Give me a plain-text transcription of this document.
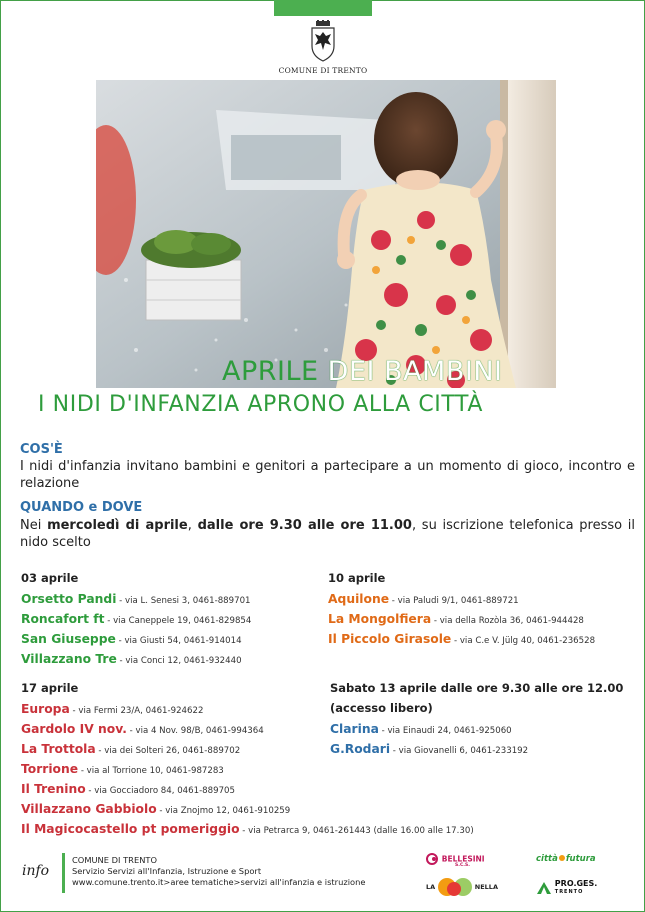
COMUNE DI TRENTO
APRILE DEI BAMBINI
I NIDI D'INFANZIA APRONO ALLA CITTÀ
COS'È
I nidi d'infanzia invitano bambini e genitori a partecipare a un momento di gioco, incontro e relazione
QUANDO e DOVE
Nei mercoledì di aprile, dalle ore 9.30 alle ore 11.00, su iscrizione telefonica presso il nido scelto
03 aprile
Orsetto Pandi - via L. Senesi 3, 0461-889701
Roncafort ft - via Caneppele 19, 0461-829854
San Giuseppe - via Giusti 54, 0461-914014
Villazzano Tre - via Conci 12, 0461-932440
10 aprile
Aquilone - via Paludi 9/1, 0461-889721
La Mongolfiera - via della Rozòla 36, 0461-944428
Il Piccolo Girasole - via C.e V. Jülg 40, 0461-236528
17 aprile
Europa - via Fermi 23/A, 0461-924622
Gardolo IV nov. - via 4 Nov. 98/B, 0461-994364
La Trottola - via dei Solteri 26, 0461-889702
Torrione - via al Torrione 10, 0461-987283
Il Trenino - via Gocciadoro 84, 0461-889705
Villazzano Gabbiolo - via Znojmo 12, 0461-910259
Il Magicocastello pt pomeriggio - via Petrarca 9, 0461-261443 (dalle 16.00 alle 17.30)
Sabato 13 aprile dalle ore 9.30 alle ore 12.00
(accesso libero)
Clarina - via Einaudi 24, 0461-925060
G.Rodari - via Giovanelli 6, 0461-233192
info
COMUNE DI TRENTO
Servizio Servizi all'Infanzia, Istruzione e Sport
www.comune.trento.it>aree tematiche>servizi all'infanzia e istruzione
BELLESINI
S.C.S.
città futura
LA	NELLA
	PRO.GES.
TRENTO
